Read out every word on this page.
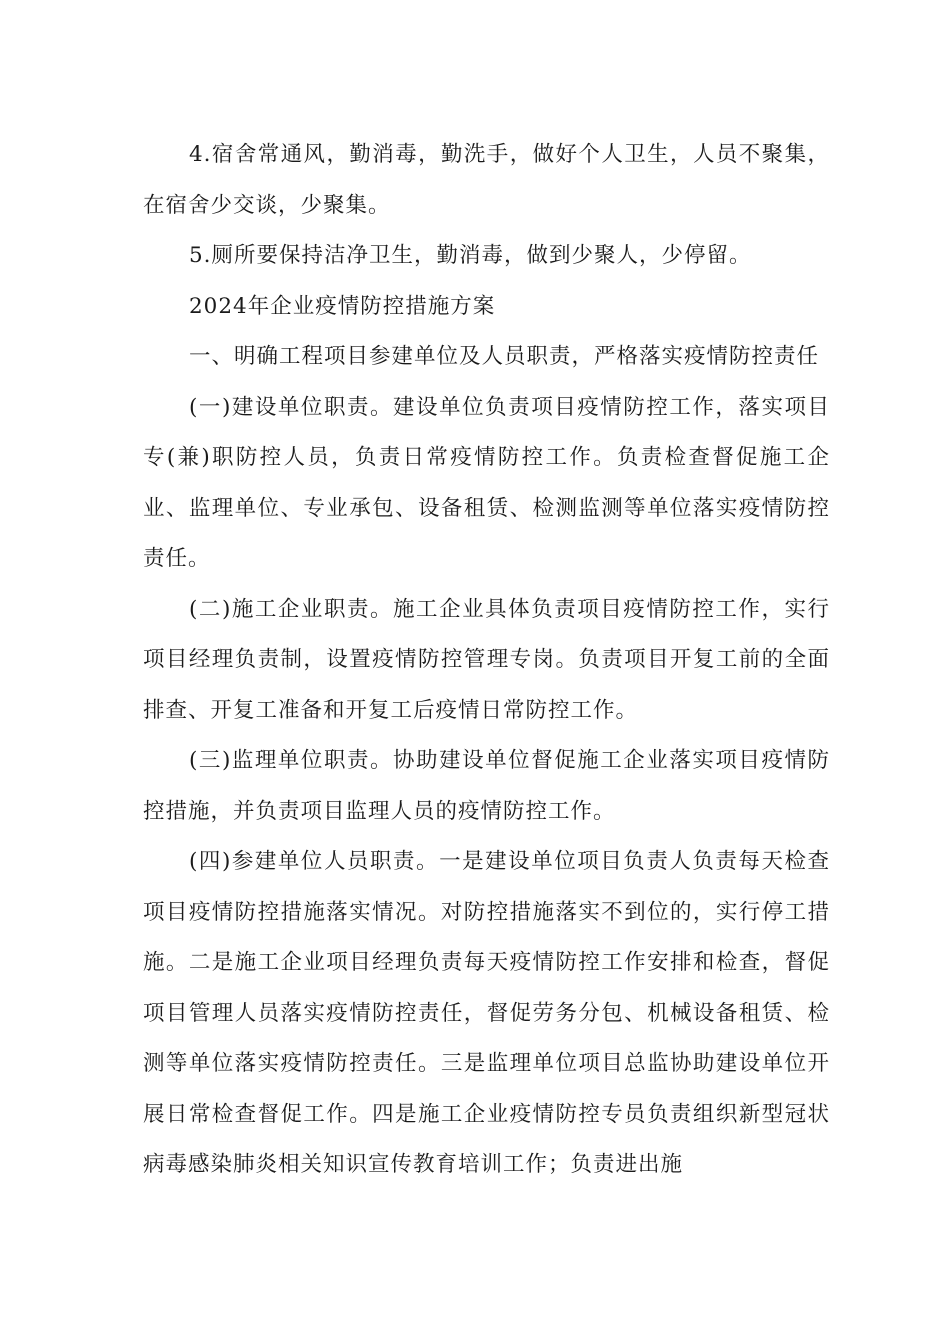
4.宿舍常通风，勤消毒，勤洗手，做好个人卫生，人员不聚集，在宿舍少交谈，少聚集。

5.厕所要保持洁净卫生，勤消毒，做到少聚人，少停留。

2024年企业疫情防控措施方案

一、明确工程项目参建单位及人员职责，严格落实疫情防控责任

(一)建设单位职责。建设单位负责项目疫情防控工作，落实项目专(兼)职防控人员，负责日常疫情防控工作。负责检查督促施工企业、监理单位、专业承包、设备租赁、检测监测等单位落实疫情防控责任。

(二)施工企业职责。施工企业具体负责项目疫情防控工作，实行项目经理负责制，设置疫情防控管理专岗。负责项目开复工前的全面排查、开复工准备和开复工后疫情日常防控工作。

(三)监理单位职责。协助建设单位督促施工企业落实项目疫情防控措施，并负责项目监理人员的疫情防控工作。

(四)参建单位人员职责。一是建设单位项目负责人负责每天检查项目疫情防控措施落实情况。对防控措施落实不到位的，实行停工措施。二是施工企业项目经理负责每天疫情防控工作安排和检查，督促项目管理人员落实疫情防控责任，督促劳务分包、机械设备租赁、检测等单位落实疫情防控责任。三是监理单位项目总监协助建设单位开展日常检查督促工作。四是施工企业疫情防控专员负责组织新型冠状病毒感染肺炎相关知识宣传教育培训工作；负责进出施
